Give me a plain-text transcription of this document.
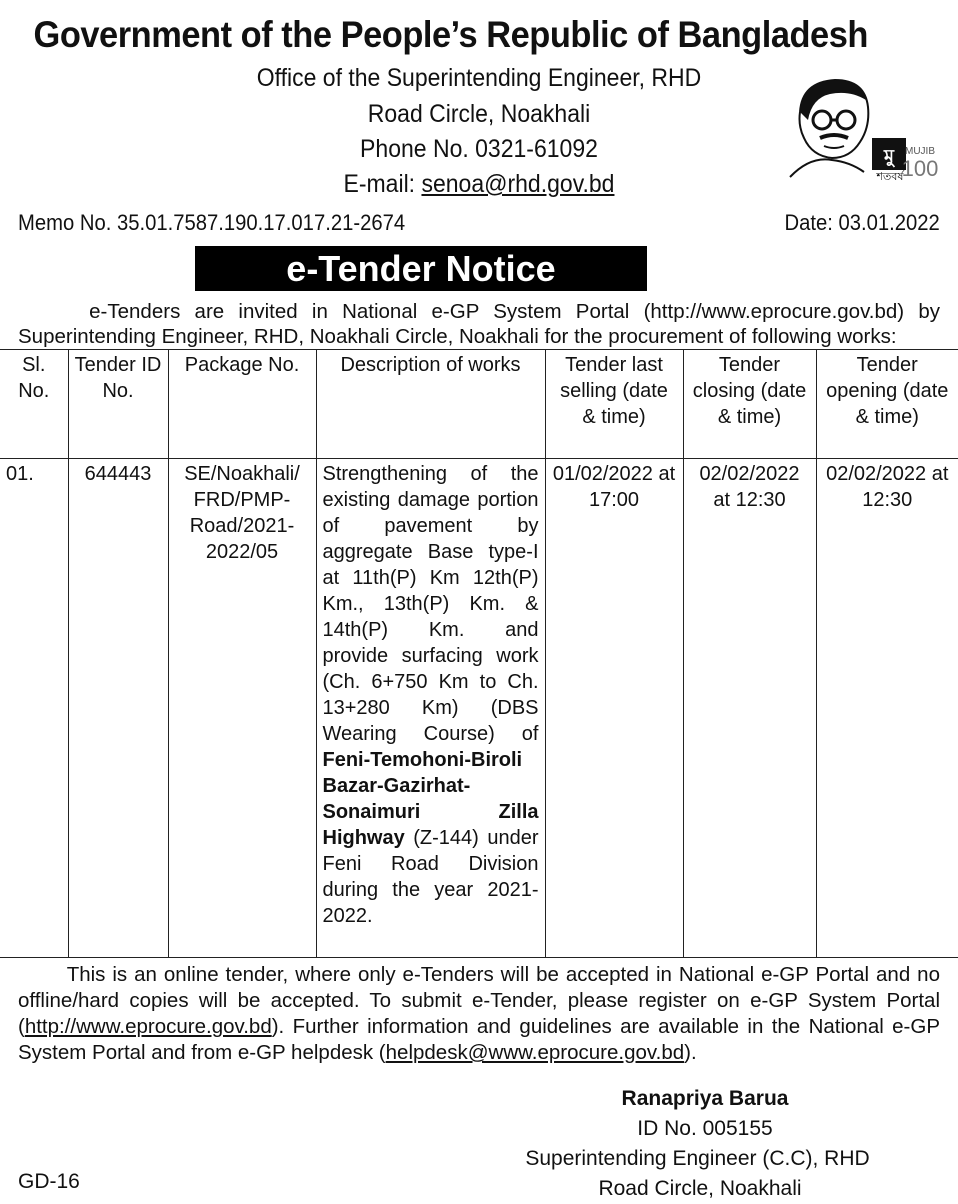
Government of the People’s Republic of Bangladesh
Office of the Superintending Engineer, RHD
Road Circle, Noakhali
Phone No. 0321-61092
E-mail: senoa@rhd.gov.bd
মু
শতবর্ষ
MUJIB
100
Memo No. 35.01.7587.190.17.017.21-2674	Date: 03.01.2022
e-Tender Notice
e-Tenders are invited in National e-GP System Portal (http://www.eprocure.gov.bd) by
Superintending Engineer, RHD, Noakhali Circle, Noakhali for the procurement of following works:
Sl. No.	Tender ID No.	Package No.	Description of works	Tender last selling (date & time)	Tender closing (date & time)	Tender opening (date & time)
01.	644443	SE/Noakhali/ FRD/PMP-Road/2021-2022/05	Strengthening of the existing damage portion of pavement by aggregate Base type-I at 11th(P) Km 12th(P) Km., 13th(P) Km. & 14th(P) Km. and provide surfacing work (Ch. 6+750 Km to Ch. 13+280 Km) (DBS Wearing Course) of Feni-Temohoni-Biroli Bazar-Gazirhat-Sonaimuri Zilla Highway (Z-144) under Feni Road Division during the year 2021-2022.	01/02/2022 at 17:00	02/02/2022 at 12:30	02/02/2022 at 12:30
This is an online tender, where only e-Tenders will be accepted in National e-GP Portal and no offline/hard copies will be accepted. To submit e-Tender, please register on e-GP System Portal (http://www.eprocure.gov.bd). Further information and guidelines are available in the National e-GP System Portal and from e-GP helpdesk (helpdesk@www.eprocure.gov.bd).
Ranapriya Barua
ID No. 005155
Superintending Engineer (C.C), RHD
Road Circle, Noakhali
GD-16
